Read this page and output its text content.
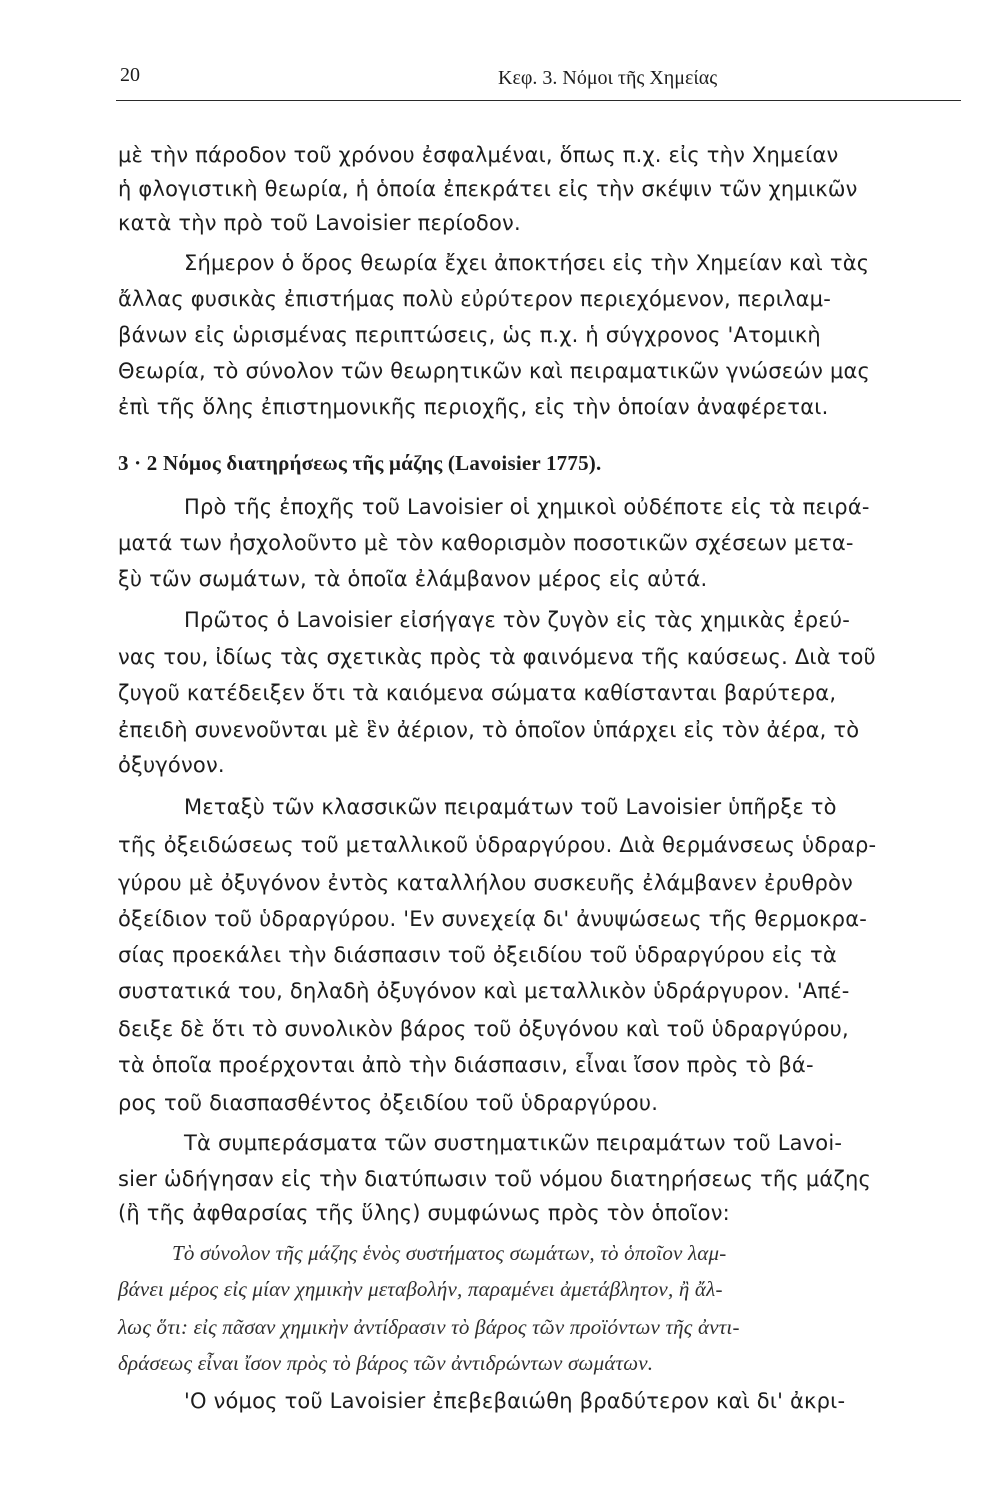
20	Κεφ. 3. Νόμοι τῆς Χημείας
μὲ τὴν πάροδον τοῦ χρόνου ἐσφαλμέναι, ὅπως π.χ. εἰς τὴν Χημείαν
ἡ φλογιστικὴ θεωρία, ἡ ὁποία ἐπεκράτει εἰς τὴν σκέψιν τῶν χημικῶν
κατὰ τὴν πρὸ τοῦ Lavoisier περίοδον.
Σήμερον ὁ ὅρος θεωρία ἔχει ἀποκτήσει εἰς τὴν Χημείαν καὶ τὰς
ἄλλας φυσικὰς ἐπιστήμας πολὺ εὐρύτερον περιεχόμενον, περιλαμ-
βάνων εἰς ὡρισμένας περιπτώσεις, ὡς π.χ. ἡ σύγχρονος 'Ατομικὴ
Θεωρία, τὸ σύνολον τῶν θεωρητικῶν καὶ πειραματικῶν γνώσεών μας
ἐπὶ τῆς ὅλης ἐπιστημονικῆς περιοχῆς, εἰς τὴν ὁποίαν ἀναφέρεται.
3 · 2 Νόμος διατηρήσεως τῆς μάζης (Lavoisier 1775).
Πρὸ τῆς ἐποχῆς τοῦ Lavoisier οἱ χημικοὶ οὐδέποτε εἰς τὰ πειρά-
ματά των ἠσχολοῦντο μὲ τὸν καθορισμὸν ποσοτικῶν σχέσεων μετα-
ξὺ τῶν σωμάτων, τὰ ὁποῖα ἐλάμβανον μέρος εἰς αὐτά.
Πρῶτος ὁ Lavoisier εἰσήγαγε τὸν ζυγὸν εἰς τὰς χημικὰς ἐρεύ-
νας του, ἰδίως τὰς σχετικὰς πρὸς τὰ φαινόμενα τῆς καύσεως. Διὰ τοῦ
ζυγοῦ κατέδειξεν ὅτι τὰ καιόμενα σώματα καθίστανται βαρύτερα,
ἐπειδὴ συνενοῦνται μὲ ἓν ἀέριον, τὸ ὁποῖον ὑπάρχει εἰς τὸν ἀέρα, τὸ
ὀξυγόνον.
Μεταξὺ τῶν κλασσικῶν πειραμάτων τοῦ Lavoisier ὑπῆρξε τὸ
τῆς ὀξειδώσεως τοῦ μεταλλικοῦ ὑδραργύρου. Διὰ θερμάνσεως ὑδραρ-
γύρου μὲ ὀξυγόνον ἐντὸς καταλλήλου συσκευῆς ἐλάμβανεν ἐρυθρὸν
ὀξείδιον τοῦ ὑδραργύρου. 'Εν συνεχείᾳ δι' ἀνυψώσεως τῆς θερμοκρα-
σίας προεκάλει τὴν διάσπασιν τοῦ ὀξειδίου τοῦ ὑδραργύρου εἰς τὰ
συστατικά του, δηλαδὴ ὀξυγόνον καὶ μεταλλικὸν ὑδράργυρον. 'Απέ-
δειξε δὲ ὅτι τὸ συνολικὸν βάρος τοῦ ὀξυγόνου καὶ τοῦ ὑδραργύρου,
τὰ ὁποῖα προέρχονται ἀπὸ τὴν διάσπασιν, εἶναι ἴσον πρὸς τὸ βά-
ρος τοῦ διασπασθέντος ὀξειδίου τοῦ ὑδραργύρου.
Τὰ συμπεράσματα τῶν συστηματικῶν πειραμάτων τοῦ Lavoi-
sier ὡδήγησαν εἰς τὴν διατύπωσιν τοῦ νόμου διατηρήσεως τῆς μάζης
(ἢ τῆς ἀφθαρσίας τῆς ὕλης) συμφώνως πρὸς τὸν ὁποῖον:
Τὸ σύνολον τῆς μάζης ἑνὸς συστήματος σωμάτων, τὸ ὁποῖον λαμ-
βάνει μέρος εἰς μίαν χημικὴν μεταβολήν, παραμένει ἀμετάβλητον, ἢ ἄλ-
λως ὅτι: εἰς πᾶσαν χημικὴν ἀντίδρασιν τὸ βάρος τῶν προϊόντων τῆς ἀντι-
δράσεως εἶναι ἴσον πρὸς τὸ βάρος τῶν ἀντιδρώντων σωμάτων.
'Ο νόμος τοῦ Lavoisier ἐπεβεβαιώθη βραδύτερον καὶ δι' ἀκρι-
